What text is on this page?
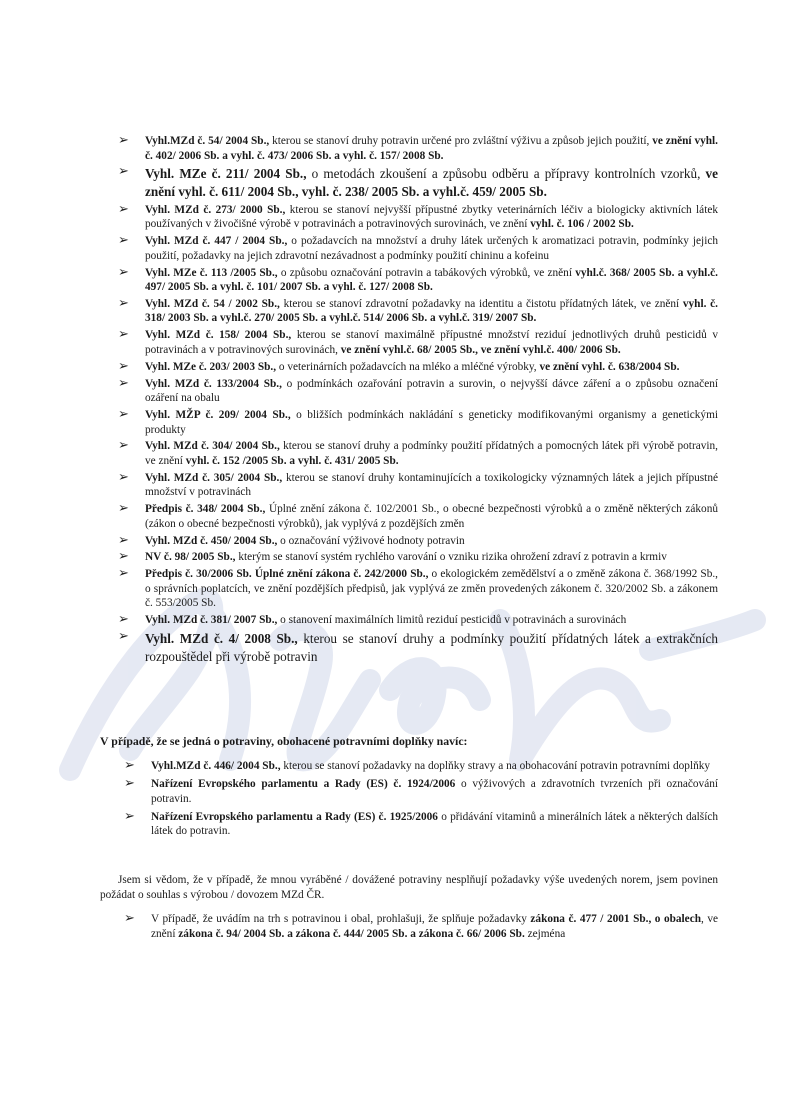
➢ Vyhl.MZd č. 54/ 2004 Sb., kterou se stanoví druhy potravin určené pro zvláštní výživu a způsob jejich použití, ve znění vyhl. č. 402/ 2006 Sb. a vyhl. č. 473/ 2006 Sb. a vyhl. č. 157/ 2008 Sb.
➢ Vyhl. MZe č. 211/ 2004 Sb., o metodách zkoušení a způsobu odběru a přípravy kontrolních vzorků, ve znění vyhl. č. 611/ 2004 Sb., vyhl. č. 238/ 2005 Sb. a vyhl.č. 459/ 2005 Sb.
➢ Vyhl. MZd č. 273/ 2000 Sb., kterou se stanoví nejvyšší přípustné zbytky veterinárních léčiv a biologicky aktivních látek používaných v živočišné výrobě v potravinách a potravinových surovinách, ve znění vyhl. č. 106 / 2002 Sb.
➢ Vyhl. MZd č. 447 / 2004 Sb., o požadavcích na množství a druhy látek určených k aromatizaci potravin, podmínky jejich použití, požadavky na jejich zdravotní nezávadnost a podmínky použití chininu a kofeinu
➢ Vyhl. MZe č. 113 /2005 Sb., o způsobu označování potravin a tabákových výrobků, ve znění vyhl.č. 368/ 2005 Sb. a vyhl.č. 497/ 2005 Sb. a vyhl. č. 101/ 2007 Sb. a vyhl. č. 127/ 2008 Sb.
➢ Vyhl. MZd č. 54 / 2002 Sb., kterou se stanoví zdravotní požadavky na identitu a čistotu přídatných látek, ve znění vyhl. č. 318/ 2003 Sb. a vyhl.č. 270/ 2005 Sb. a vyhl.č. 514/ 2006 Sb. a vyhl.č. 319/ 2007 Sb.
➢ Vyhl. MZd č. 158/ 2004 Sb., kterou se stanoví maximálně přípustné množství reziduí jednotlivých druhů pesticidů v potravinách a v potravinových surovinách, ve znění vyhl.č. 68/ 2005 Sb., ve znění vyhl.č. 400/ 2006 Sb.
➢ Vyhl. MZe č. 203/ 2003 Sb., o veterinárních požadavcích na mléko a mléčné výrobky, ve znění vyhl. č. 638/2004 Sb.
➢ Vyhl. MZd č. 133/2004 Sb., o podmínkách ozařování potravin a surovin, o nejvyšší dávce záření a o způsobu označení ozáření na obalu
➢ Vyhl. MŽP č. 209/ 2004 Sb., o bližších podmínkách nakládání s geneticky modifikovanými organismy a genetickými produkty
➢ Vyhl. MZd č. 304/ 2004 Sb., kterou se stanoví druhy a podmínky použití přídatných a pomocných látek při výrobě potravin, ve znění vyhl. č. 152 /2005 Sb. a vyhl. č. 431/ 2005 Sb.
➢ Vyhl. MZd č. 305/ 2004 Sb., kterou se stanoví druhy kontaminujících a toxikologicky významných látek a jejich přípustné množství v potravinách
➢ Předpis č. 348/ 2004 Sb., Úplné znění zákona č. 102/2001 Sb., o obecné bezpečnosti výrobků a o změně některých zákonů (zákon o obecné bezpečnosti výrobků), jak vyplývá z pozdějších změn
➢ Vyhl. MZd č. 450/ 2004 Sb., o označování výživové hodnoty potravin
➢ NV č. 98/ 2005 Sb., kterým se stanoví systém rychlého varování o vzniku rizika ohrožení zdraví z potravin a krmiv
➢ Předpis č. 30/2006 Sb. Úplné znění zákona č. 242/2000 Sb., o ekologickém zemědělství a o změně zákona č. 368/1992 Sb., o správních poplatcích, ve znění pozdějších předpisů, jak vyplývá ze změn provedených zákonem č. 320/2002 Sb. a zákonem č. 553/2005 Sb.
➢ Vyhl. MZd č. 381/ 2007 Sb., o stanovení maximálních limitů reziduí pesticidů v potravinách a surovinách
➢ Vyhl. MZd č. 4/ 2008 Sb., kterou se stanoví druhy a podmínky použití přídatných látek a extrakčních rozpouštědel při výrobě potravin
V případě, že se jedná o potraviny, obohacené potravními doplňky navíc:
➢ Vyhl.MZd č. 446/ 2004 Sb., kterou se stanoví požadavky na doplňky stravy a na obohacování potravin potravními doplňky
➢ Nařízení Evropského parlamentu a Rady (ES) č. 1924/2006 o výživových a zdravotních tvrzeních při označování potravin.
➢ Nařízení Evropského parlamentu a Rady (ES) č. 1925/2006 o přidávání vitaminů a minerálních látek a některých dalších látek do potravin.
Jsem si vědom, že v případě, že mnou vyráběné / dovážené potraviny nesplňují požadavky výše uvedených norem, jsem povinen požádat o souhlas s výrobou / dovozem MZd ČR.
➢ V případě, že uvádím na trh s potravinou i obal, prohlašuji, že splňuje požadavky zákona č. 477 / 2001 Sb., o obalech, ve znění zákona č. 94/ 2004 Sb. a zákona č. 444/ 2005 Sb. a zákona č. 66/ 2006 Sb. zejména
